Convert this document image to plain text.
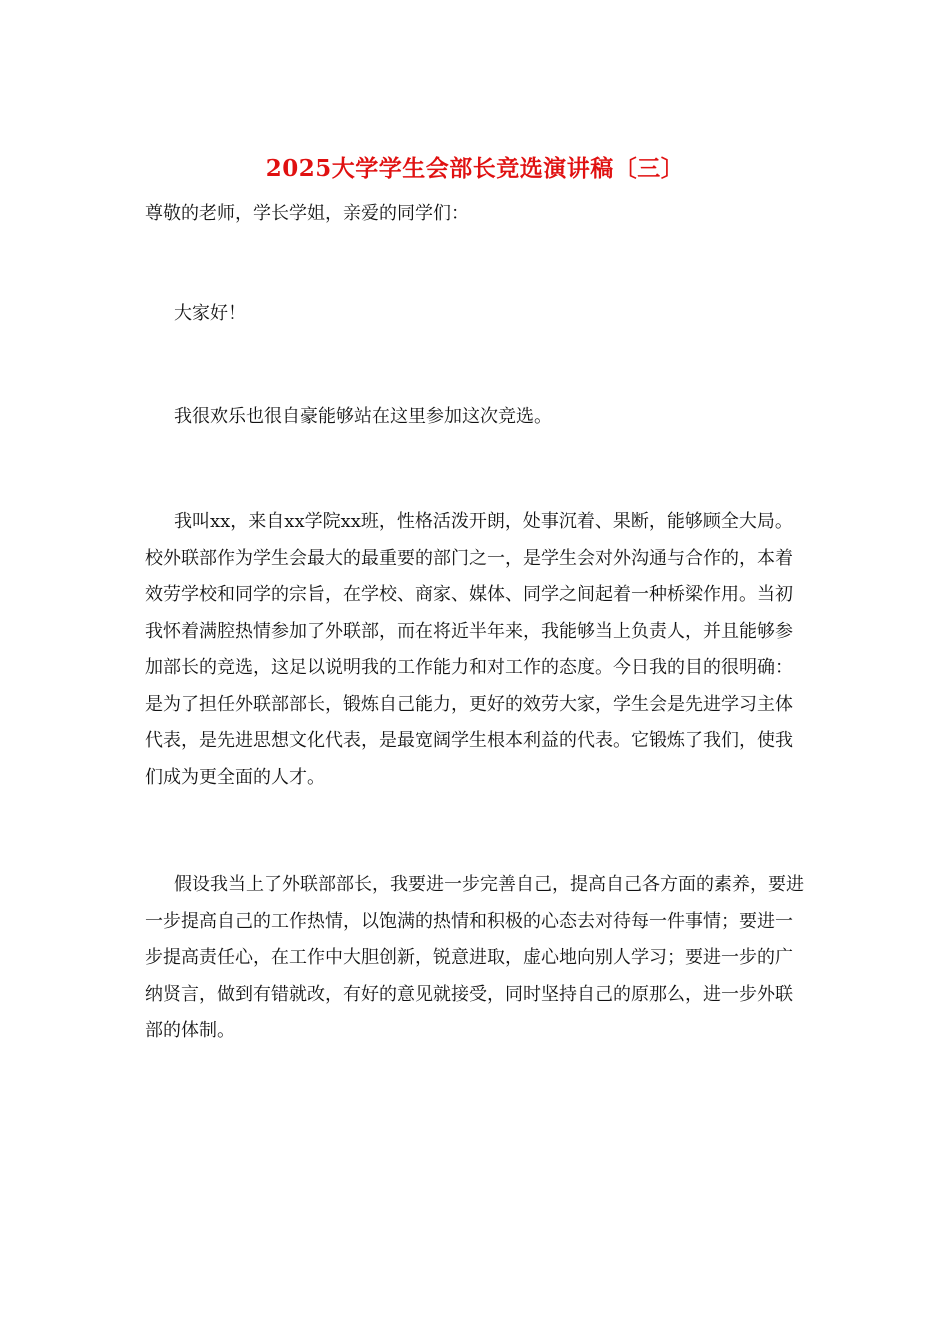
2025大学学生会部长竞选演讲稿〔三〕

尊敬的老师，学长学姐，亲爱的同学们：

大家好！

我很欢乐也很自豪能够站在这里参加这次竞选。

我叫xx，来自xx学院xx班，性格活泼开朗，处事沉着、果断，能够顾全大局。校外联部作为学生会最大的最重要的部门之一，是学生会对外沟通与合作的，本着效劳学校和同学的宗旨，在学校、商家、媒体、同学之间起着一种桥梁作用。当初我怀着满腔热情参加了外联部，而在将近半年来，我能够当上负责人，并且能够参加部长的竞选，这足以说明我的工作能力和对工作的态度。今日我的目的很明确：是为了担任外联部部长，锻炼自己能力，更好的效劳大家，学生会是先进学习主体代表，是先进思想文化代表，是最宽阔学生根本利益的代表。它锻炼了我们，使我们成为更全面的人才。

假设我当上了外联部部长，我要进一步完善自己，提高自己各方面的素养，要进一步提高自己的工作热情，以饱满的热情和积极的心态去对待每一件事情；要进一步提高责任心，在工作中大胆创新，锐意进取，虚心地向别人学习；要进一步的广纳贤言，做到有错就改，有好的意见就接受，同时坚持自己的原那么，进一步外联部的体制。
